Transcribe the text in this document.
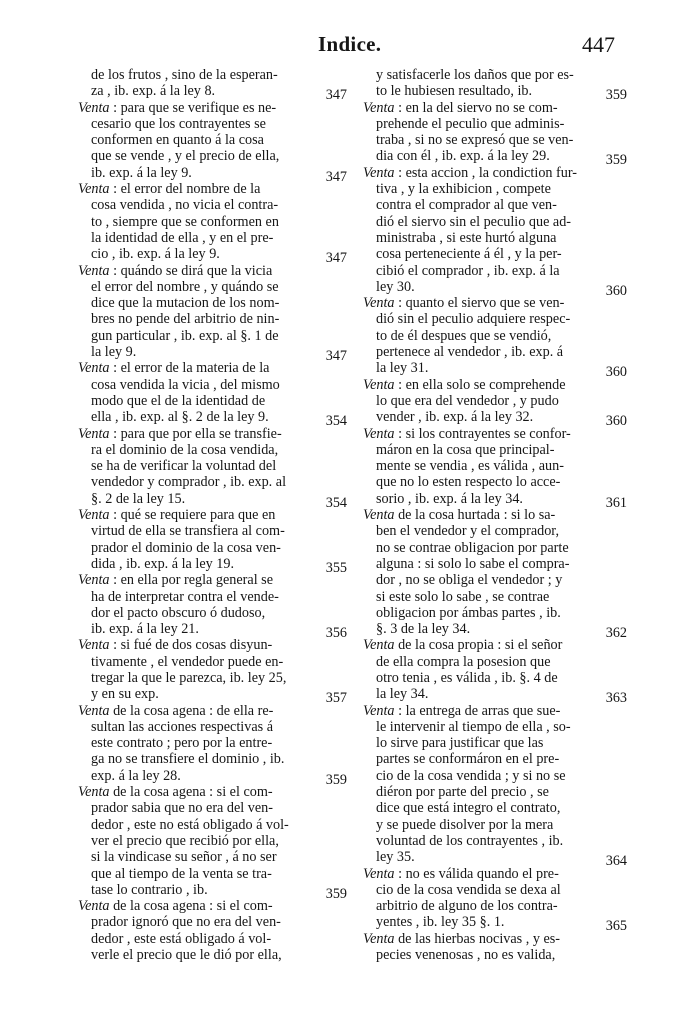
Indice.	447
de los frutos , sino de la esperan-
za , ib. exp. á la ley 8.	347
Venta : para que se verifique es ne-
cesario que los contrayentes se
conformen en quanto á la cosa
que se vende , y el precio de ella,
ib. exp. á la ley 9.	347
Venta : el error del nombre de la
cosa vendida , no vicia el contra-
to , siempre que se conformen en
la identidad de ella , y en el pre-
cio , ib. exp. á la ley 9.	347
Venta : quándo se dirá que la vicia
el error del nombre , y quándo se
dice que la mutacion de los nom-
bres no pende del arbitrio de nin-
gun particular , ib. exp. al §. 1 de
la ley 9.	347
Venta : el error de la materia de la
cosa vendida la vicia , del mismo
modo que el de la identidad de
ella , ib. exp. al §. 2 de la ley 9.	354
Venta : para que por ella se transfie-
ra el dominio de la cosa vendida,
se ha de verificar la voluntad del
vendedor y comprador , ib. exp. al
§. 2 de la ley 15.	354
Venta : qué se requiere para que en
virtud de ella se transfiera al com-
prador el dominio de la cosa ven-
dida , ib. exp. á la ley 19.	355
Venta : en ella por regla general se
ha de interpretar contra el vende-
dor el pacto obscuro ó dudoso,
ib. exp. á la ley 21.	356
Venta : si fué de dos cosas disyun-
tivamente , el vendedor puede en-
tregar la que le parezca, ib. ley 25,
y en su exp.	357
Venta de la cosa agena : de ella re-
sultan las acciones respectivas á
este contrato ; pero por la entre-
ga no se transfiere el dominio , ib.
exp. á la ley 28.	359
Venta de la cosa agena : si el com-
prador sabia que no era del ven-
dedor , este no está obligado á vol-
ver el precio que recibió por ella,
si la vindicase su señor , á no ser
que al tiempo de la venta se tra-
tase lo contrario , ib.	359
Venta de la cosa agena : si el com-
prador ignoró que no era del ven-
dedor , este está obligado á vol-
verle el precio que le dió por ella,
y satisfacerle los daños que por es-
to le hubiesen resultado, ib.	359
Venta : en la del siervo no se com-
prehende el peculio que adminis-
traba , si no se expresó que se ven-
dia con él , ib. exp. á la ley 29.	359
Venta : esta accion , la condiction fur-
tiva , y la exhibicion , compete
contra el comprador al que ven-
dió el siervo sin el peculio que ad-
ministraba , si este hurtó alguna
cosa perteneciente á él , y la per-
cibió el comprador , ib. exp. á la
ley 30.	360
Venta : quanto el siervo que se ven-
dió sin el peculio adquiere respec-
to de él despues que se vendió,
pertenece al vendedor , ib. exp. á
la ley 31.	360
Venta : en ella solo se comprehende
lo que era del vendedor , y pudo
vender , ib. exp. á la ley 32.	360
Venta : si los contrayentes se confor-
máron en la cosa que principal-
mente se vendia , es válida , aun-
que no lo esten respecto lo acce-
sorio , ib. exp. á la ley 34.	361
Venta de la cosa hurtada : si lo sa-
ben el vendedor y el comprador,
no se contrae obligacion por parte
alguna : si solo lo sabe el compra-
dor , no se obliga el vendedor ; y
si este solo lo sabe , se contrae
obligacion por ámbas partes , ib.
§. 3 de la ley 34.	362
Venta de la cosa propia : si el señor
de ella compra la posesion que
otro tenia , es válida , ib. §. 4 de
la ley 34.	363
Venta : la entrega de arras que sue-
le intervenir al tiempo de ella , so-
lo sirve para justificar que las
partes se conformáron en el pre-
cio de la cosa vendida ; y si no se
diéron por parte del precio , se
dice que está integro el contrato,
y se puede disolver por la mera
voluntad de los contrayentes , ib.
ley 35.	364
Venta : no es válida quando el pre-
cio de la cosa vendida se dexa al
arbitrio de alguno de los contra-
yentes , ib. ley 35 §. 1.	365
Venta de las hierbas nocivas , y es-
pecies venenosas , no es valida,
